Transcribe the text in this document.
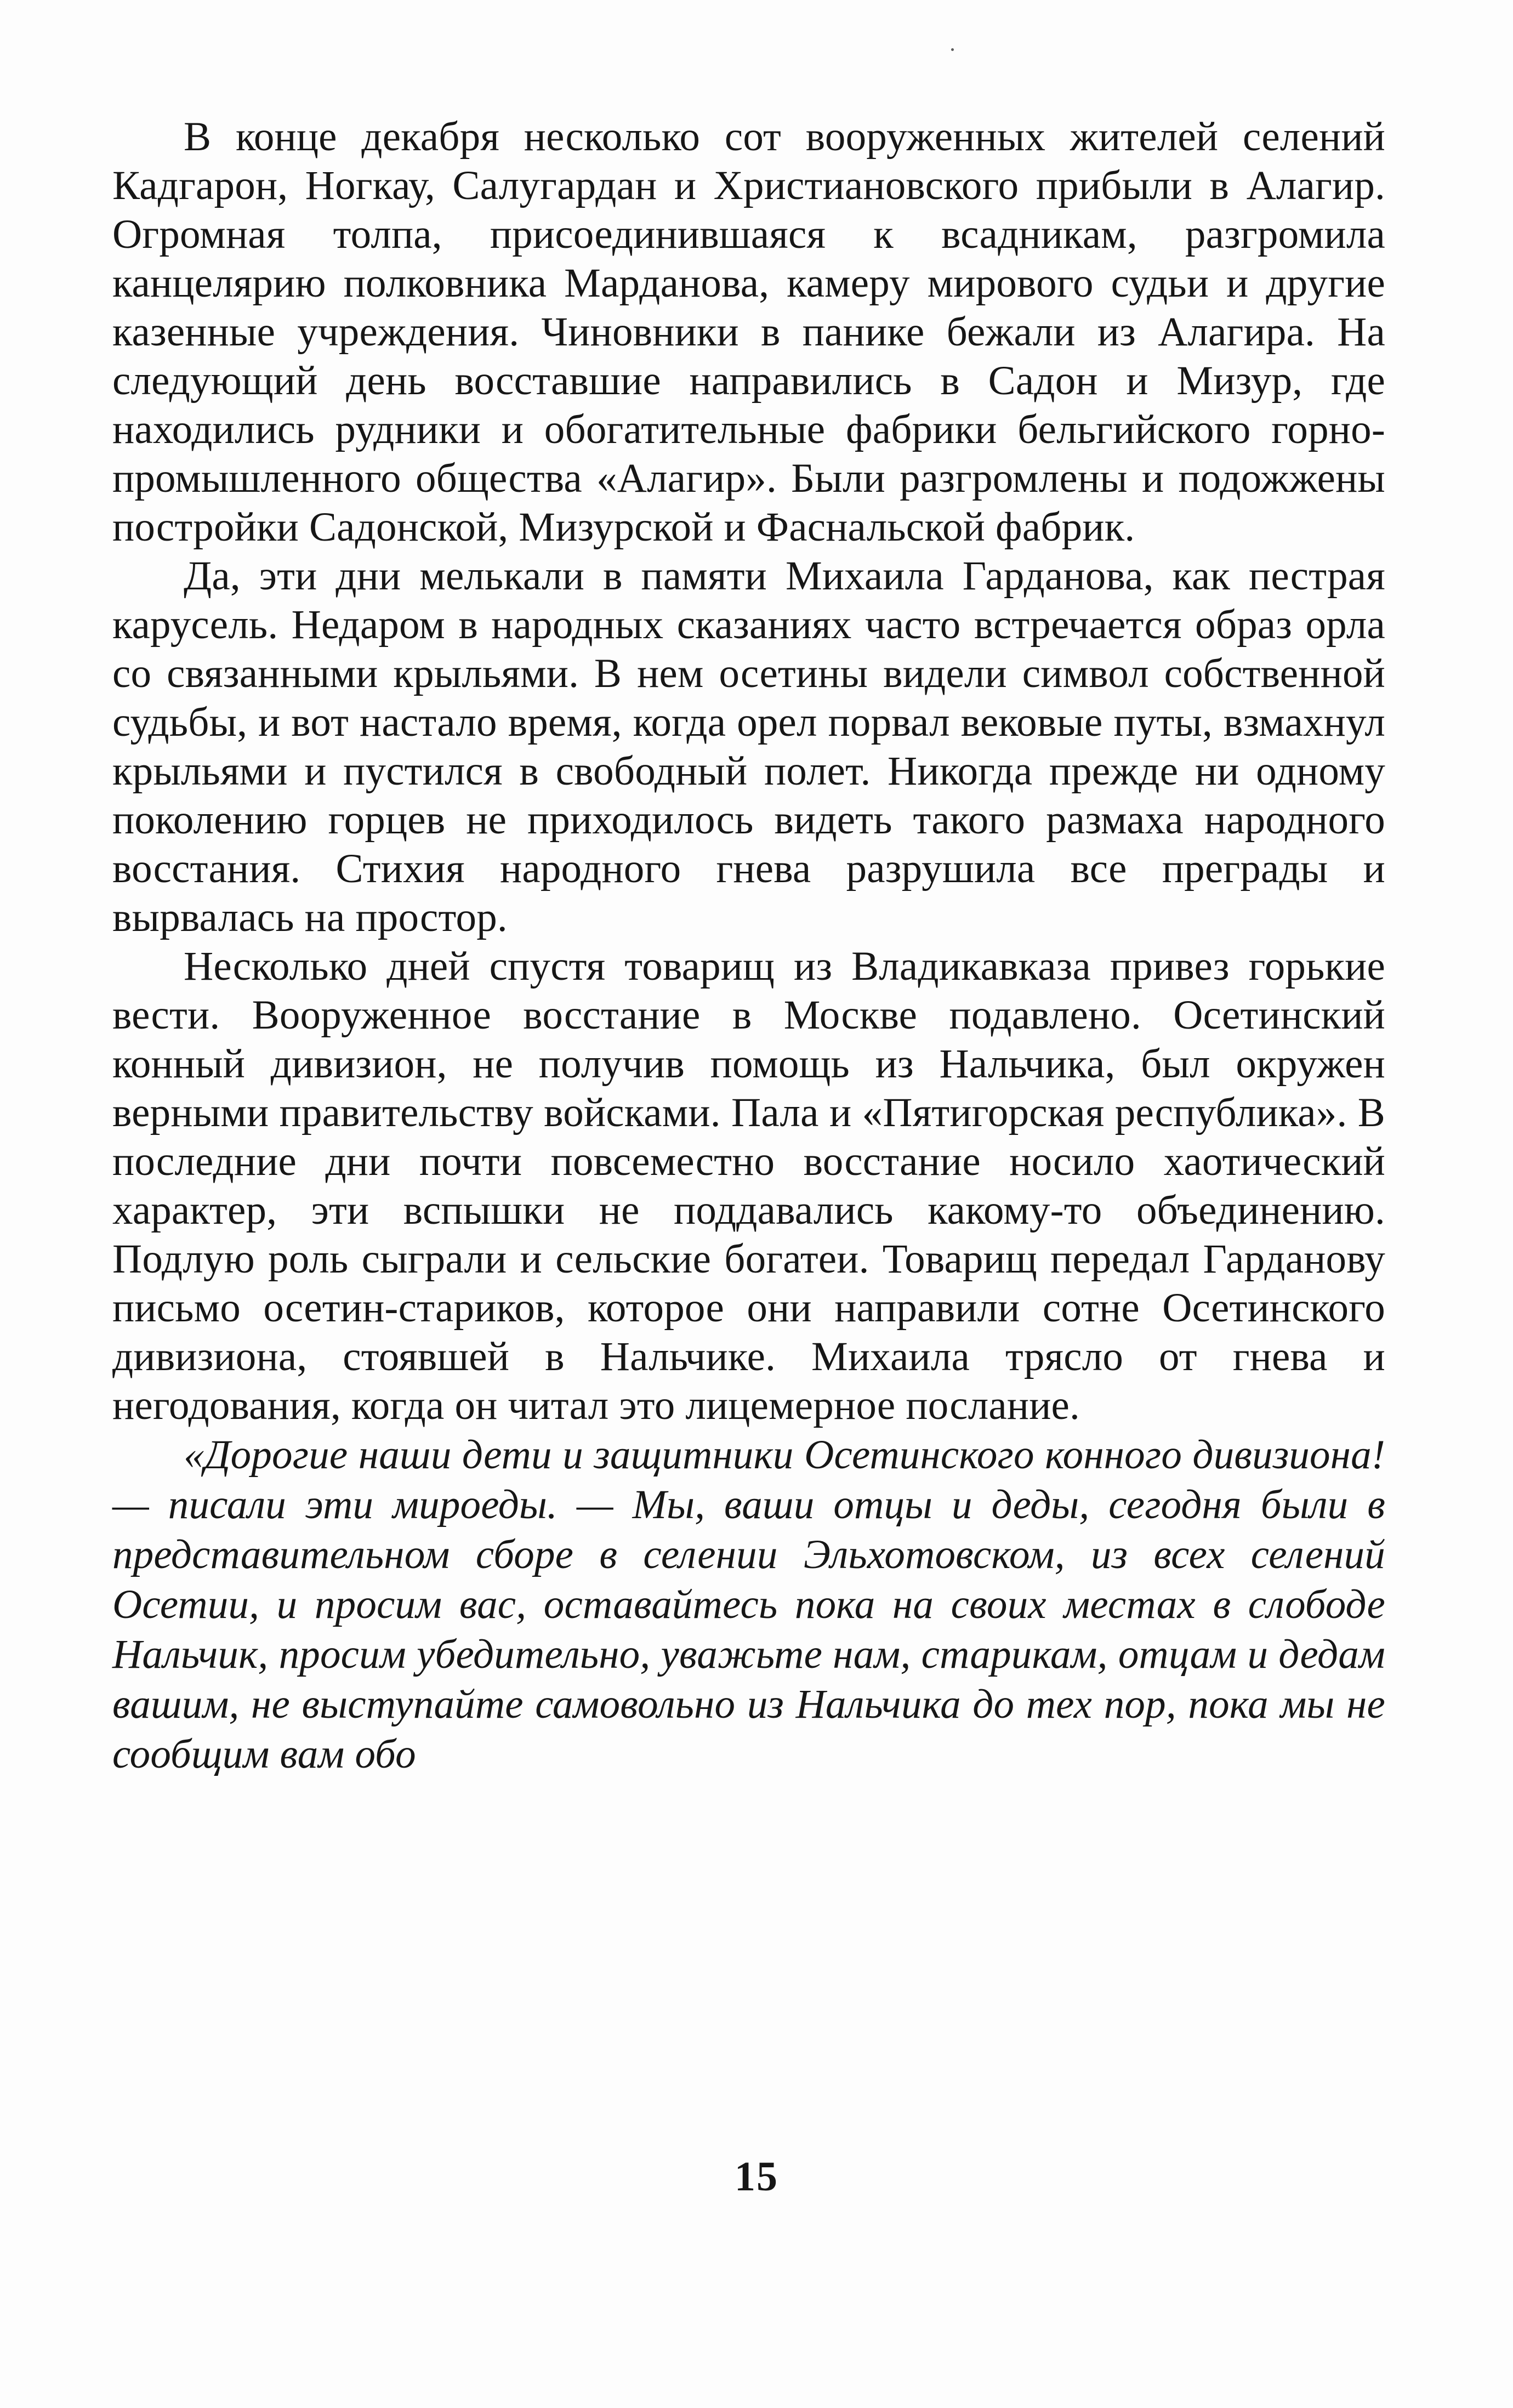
В конце декабря несколько сот вооруженных жителей селений Кадгарон, Ногкау, Салугардан и Христиановского прибыли в Алагир. Огромная толпа, присоединившаяся к всадникам, разгромила канцелярию полковника Марданова, камеру мирового судьи и другие казенные учреждения. Чиновники в панике бежали из Алагира. На следующий день восставшие направились в Садон и Мизур, где находились рудники и обогатительные фабрики бельгийского горно-промышленного общества «Алагир». Были разгромлены и подожжены постройки Садонской, Мизурской и Фаснальской фабрик.

Да, эти дни мелькали в памяти Михаила Гарданова, как пестрая карусель. Недаром в народных сказаниях часто встречается образ орла со связанными крыльями. В нем осетины видели символ собственной судьбы, и вот настало время, когда орел порвал вековые путы, взмахнул крыльями и пустился в свободный полет. Никогда прежде ни одному поколению горцев не приходилось видеть такого размаха народного восстания. Стихия народного гнева разрушила все преграды и вырвалась на простор.

Несколько дней спустя товарищ из Владикавказа привез горькие вести. Вооруженное восстание в Москве подавлено. Осетинский конный дивизион, не получив помощь из Нальчика, был окружен верными правительству войсками. Пала и «Пятигорская республика». В последние дни почти повсеместно восстание носило хаотический характер, эти вспышки не поддавались какому-то объединению. Подлую роль сыграли и сельские богатеи. Товарищ передал Гарданову письмо осетин-стариков, которое они направили сотне Осетинского дивизиона, стоявшей в Нальчике. Михаила трясло от гнева и негодования, когда он читал это лицемерное послание.

«Дорогие наши дети и защитники Осетинского конного дивизиона! — писали эти мироеды. — Мы, ваши отцы и деды, сегодня были в представительном сборе в селении Эльхотовском, из всех селений Осетии, и просим вас, оставайтесь пока на своих местах в слободе Нальчик, просим убедительно, уважьте нам, старикам, отцам и дедам вашим, не выступайте самовольно из Нальчика до тех пор, пока мы не сообщим вам обо

15
